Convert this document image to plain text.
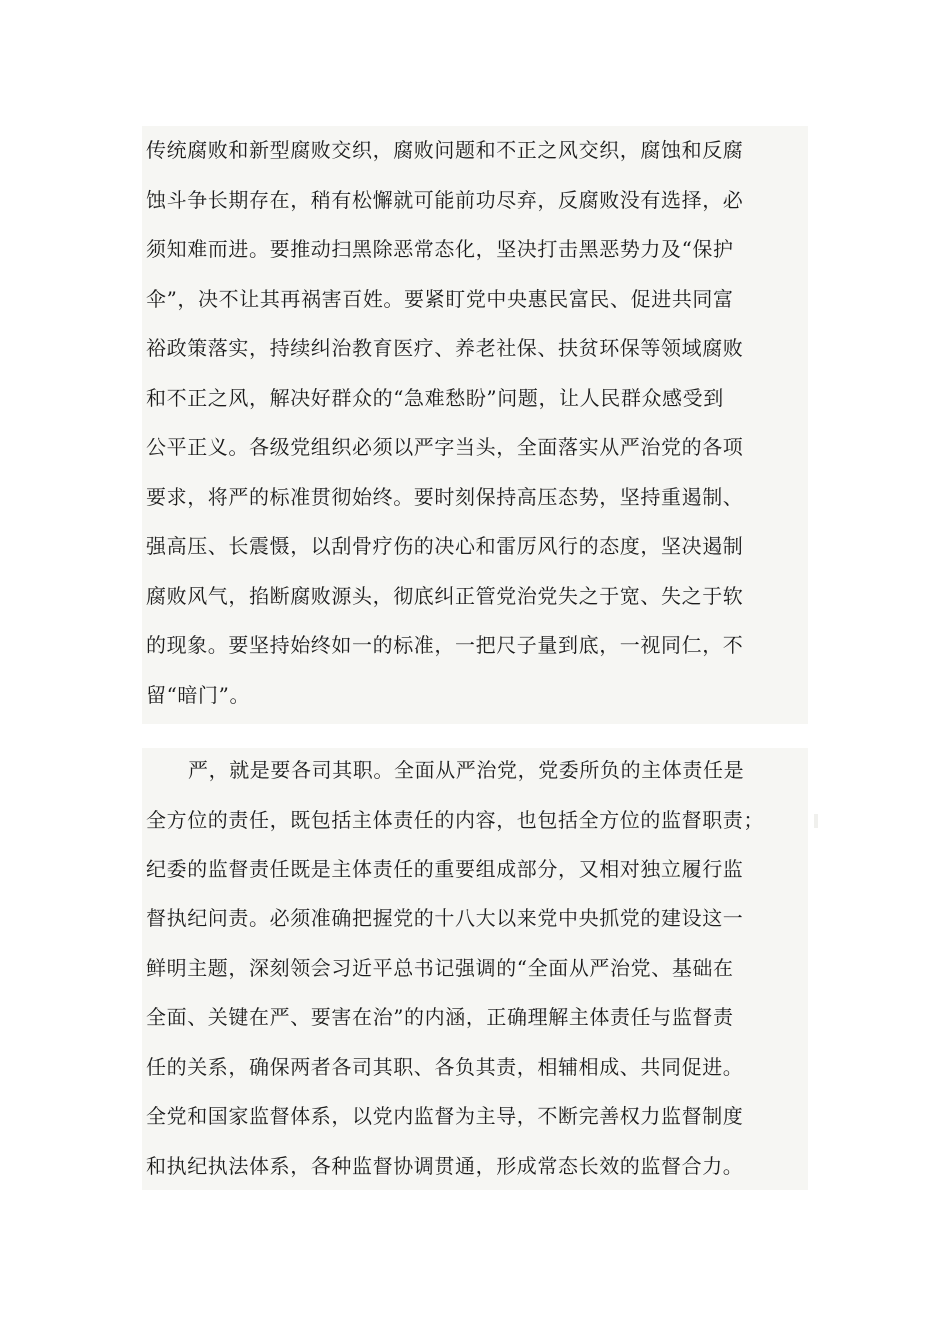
传统腐败和新型腐败交织，腐败问题和不正之风交织，腐蚀和反腐
蚀斗争长期存在，稍有松懈就可能前功尽弃，反腐败没有选择，必
须知难而进。要推动扫黑除恶常态化，坚决打击黑恶势力及“保护
伞”，决不让其再祸害百姓。要紧盯党中央惠民富民、促进共同富
裕政策落实，持续纠治教育医疗、养老社保、扶贫环保等领域腐败
和不正之风，解决好群众的“急难愁盼”问题，让人民群众感受到
公平正义。各级党组织必须以严字当头，全面落实从严治党的各项
要求，将严的标准贯彻始终。要时刻保持高压态势，坚持重遏制、
强高压、长震慑，以刮骨疗伤的决心和雷厉风行的态度，坚决遏制
腐败风气，掐断腐败源头，彻底纠正管党治党失之于宽、失之于软
的现象。要坚持始终如一的标准，一把尺子量到底，一视同仁，不
留“暗门”。
严，就是要各司其职。全面从严治党，党委所负的主体责任是
全方位的责任，既包括主体责任的内容，也包括全方位的监督职责；
纪委的监督责任既是主体责任的重要组成部分，又相对独立履行监
督执纪问责。必须准确把握党的十八大以来党中央抓党的建设这一
鲜明主题，深刻领会习近平总书记强调的“全面从严治党、基础在
全面、关键在严、要害在治”的内涵，正确理解主体责任与监督责
任的关系，确保两者各司其职、各负其责，相辅相成、共同促进。
全党和国家监督体系，以党内监督为主导，不断完善权力监督制度
和执纪执法体系，各种监督协调贯通，形成常态长效的监督合力。
